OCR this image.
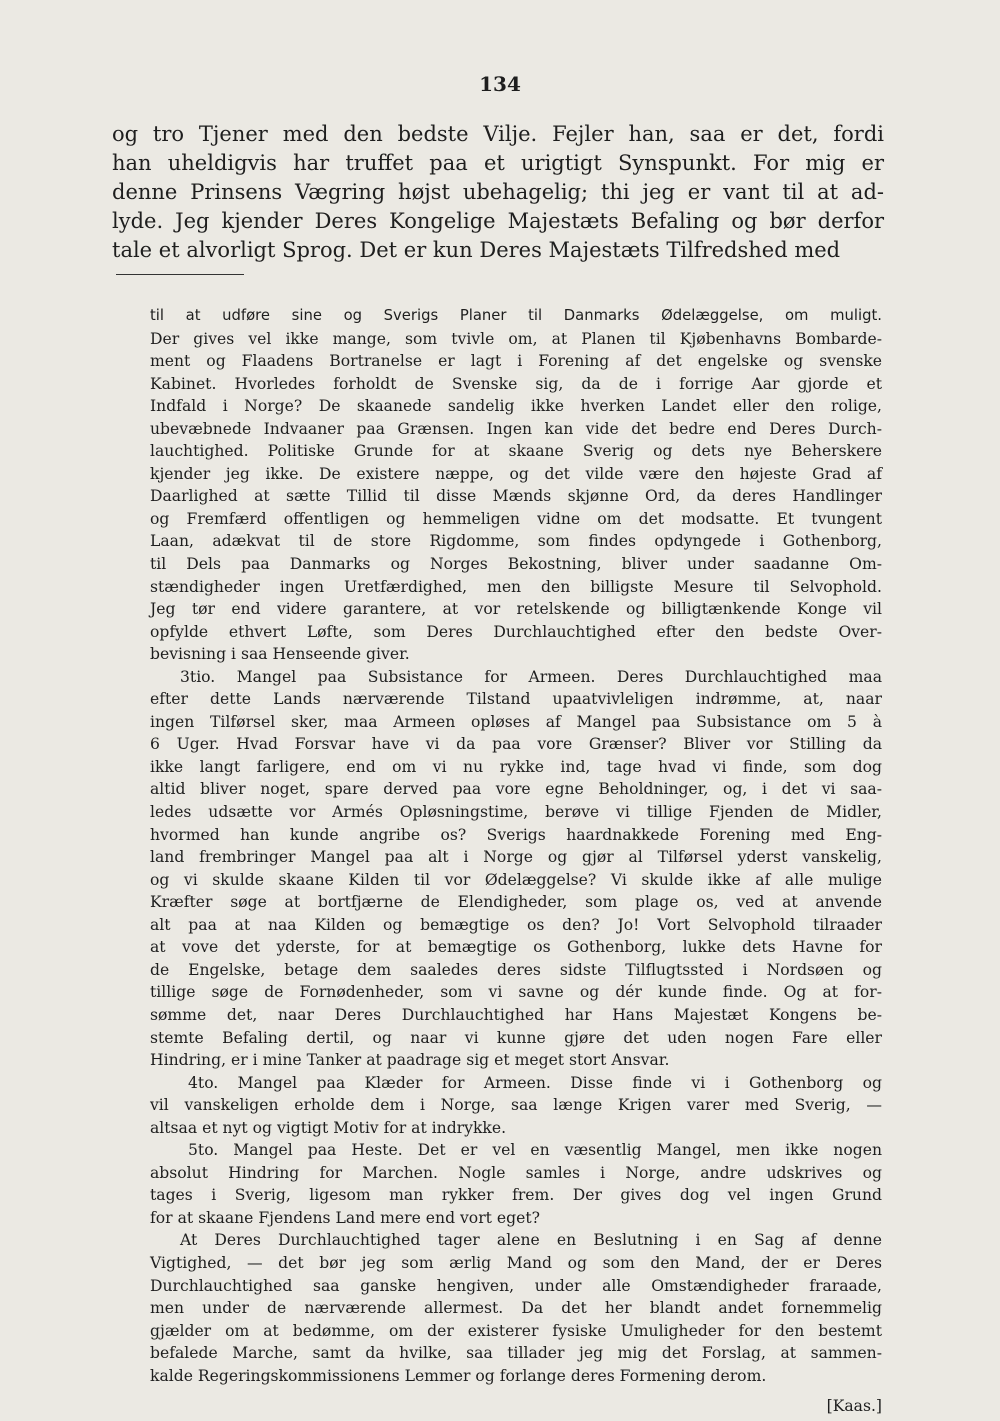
134
og tro Tjener med den bedste Vilje. Fejler han, saa er det, fordi
han uheldigvis har truffet paa et urigtigt Synspunkt. For mig er
denne Prinsens Vægring højst ubehagelig; thi jeg er vant til at ad-
lyde. Jeg kjender Deres Kongelige Majestæts Befaling og bør derfor
tale et alvorligt Sprog. Det er kun Deres Majestæts Tilfredshed med
til at udføre sine og Sverigs Planer til Danmarks Ødelæggelse, om muligt.
Der gives vel ikke mange, som tvivle om, at Planen til Kjøbenhavns Bombarde-
ment og Flaadens Bortranelse er lagt i Forening af det engelske og svenske
Kabinet. Hvorledes forholdt de Svenske sig, da de i forrige Aar gjorde et
Indfald i Norge? De skaanede sandelig ikke hverken Landet eller den rolige,
ubevæbnede Indvaaner paa Grænsen. Ingen kan vide det bedre end Deres Durch-
lauchtighed. Politiske Grunde for at skaane Sverig og dets nye Beherskere
kjender jeg ikke. De existere næppe, og det vilde være den højeste Grad af
Daarlighed at sætte Tillid til disse Mænds skjønne Ord, da deres Handlinger
og Fremfærd offentligen og hemmeligen vidne om det modsatte. Et tvungent
Laan, adækvat til de store Rigdomme, som findes opdyngede i Gothenborg,
til Dels paa Danmarks og Norges Bekostning, bliver under saadanne Om-
stændigheder ingen Uretfærdighed, men den billigste Mesure til Selvophold.
Jeg tør end videre garantere, at vor retelskende og billigtænkende Konge vil
opfylde ethvert Løfte, som Deres Durchlauchtighed efter den bedste Over-
bevisning i saa Henseende giver.
3tio. Mangel paa Subsistance for Armeen. Deres Durchlauchtighed maa
efter dette Lands nærværende Tilstand upaatvivleligen indrømme, at, naar
ingen Tilførsel sker, maa Armeen opløses af Mangel paa Subsistance om 5 à
6 Uger. Hvad Forsvar have vi da paa vore Grænser? Bliver vor Stilling da
ikke langt farligere, end om vi nu rykke ind, tage hvad vi finde, som dog
altid bliver noget, spare derved paa vore egne Beholdninger, og, i det vi saa-
ledes udsætte vor Armés Opløsningstime, berøve vi tillige Fjenden de Midler,
hvormed han kunde angribe os? Sverigs haardnakkede Forening med Eng-
land frembringer Mangel paa alt i Norge og gjør al Tilførsel yderst vanskelig,
og vi skulde skaane Kilden til vor Ødelæggelse? Vi skulde ikke af alle mulige
Kræfter søge at bortfjærne de Elendigheder, som plage os, ved at anvende
alt paa at naa Kilden og bemægtige os den? Jo! Vort Selvophold tilraader
at vove det yderste, for at bemægtige os Gothenborg, lukke dets Havne for
de Engelske, betage dem saaledes deres sidste Tilflugtssted i Nordsøen og
tillige søge de Fornødenheder, som vi savne og dér kunde finde. Og at for-
sømme det, naar Deres Durchlauchtighed har Hans Majestæt Kongens be-
stemte Befaling dertil, og naar vi kunne gjøre det uden nogen Fare eller
Hindring, er i mine Tanker at paadrage sig et meget stort Ansvar.
4to. Mangel paa Klæder for Armeen. Disse finde vi i Gothenborg og
vil vanskeligen erholde dem i Norge, saa længe Krigen varer med Sverig, —
altsaa et nyt og vigtigt Motiv for at indrykke.
5to. Mangel paa Heste. Det er vel en væsentlig Mangel, men ikke nogen
absolut Hindring for Marchen. Nogle samles i Norge, andre udskrives og
tages i Sverig, ligesom man rykker frem. Der gives dog vel ingen Grund
for at skaane Fjendens Land mere end vort eget?
At Deres Durchlauchtighed tager alene en Beslutning i en Sag af denne
Vigtighed, — det bør jeg som ærlig Mand og som den Mand, der er Deres
Durchlauchtighed saa ganske hengiven, under alle Omstændigheder fraraade,
men under de nærværende allermest. Da det her blandt andet fornemmelig
gjælder om at bedømme, om der existerer fysiske Umuligheder for den bestemt
befalede Marche, samt da hvilke, saa tillader jeg mig det Forslag, at sammen-
kalde Regeringskommissionens Lemmer og forlange deres Formening derom.
[Kaas.]
